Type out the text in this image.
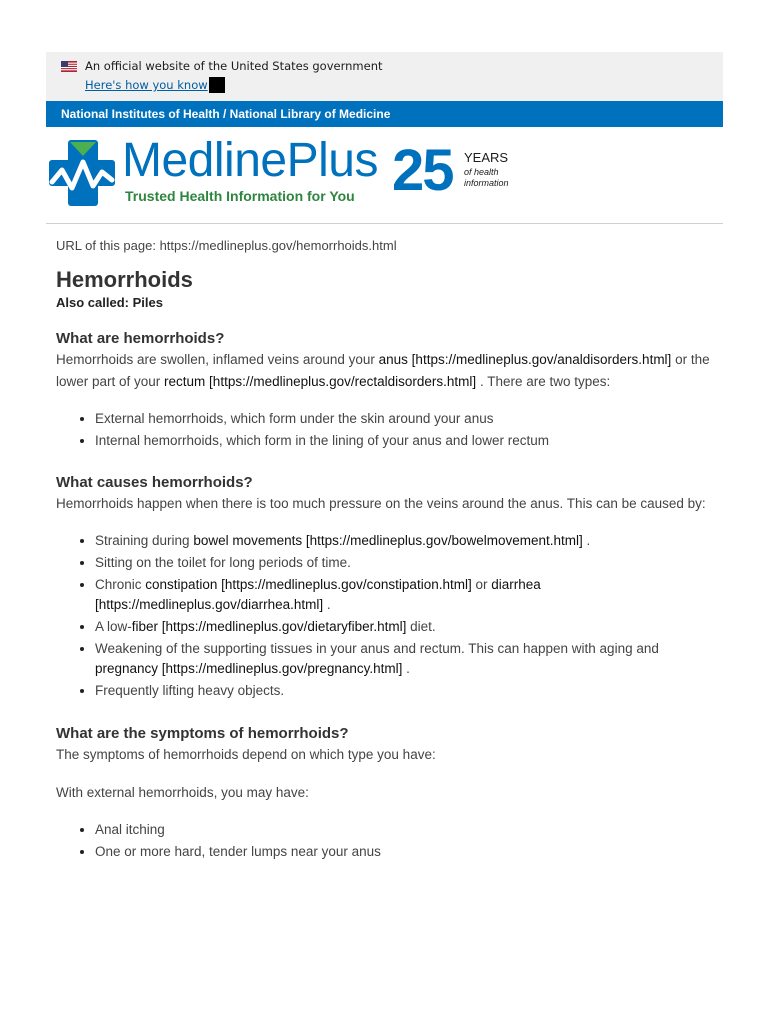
An official website of the United States government
Here's how you know
National Institutes of Health / National Library of Medicine
MedlinePlus
Trusted Health Information for You 25 YEARS
of health
information
URL of this page: https://medlineplus.gov/hemorrhoids.html
Hemorrhoids
Also called: Piles
What are hemorrhoids?

Hemorrhoids are swollen, inflamed veins around your anus [https://medlineplus.gov/analdisorders.html] or the lower part of your rectum [https://medlineplus.gov/rectaldisorders.html] . There are two types:

• External hemorrhoids, which form under the skin around your anus
• Internal hemorrhoids, which form in the lining of your anus and lower rectum
What causes hemorrhoids?

Hemorrhoids happen when there is too much pressure on the veins around the anus. This can be caused by:

• Straining during bowel movements [https://medlineplus.gov/bowelmovement.html] .
• Sitting on the toilet for long periods of time.
• Chronic constipation [https://medlineplus.gov/constipation.html] or diarrhea [https://medlineplus.gov/diarrhea.html] .
• A low-fiber [https://medlineplus.gov/dietaryfiber.html] diet.
• Weakening of the supporting tissues in your anus and rectum. This can happen with aging and pregnancy [https://medlineplus.gov/pregnancy.html] .
• Frequently lifting heavy objects.
What are the symptoms of hemorrhoids?

The symptoms of hemorrhoids depend on which type you have:

With external hemorrhoids, you may have:

• Anal itching
• One or more hard, tender lumps near your anus
